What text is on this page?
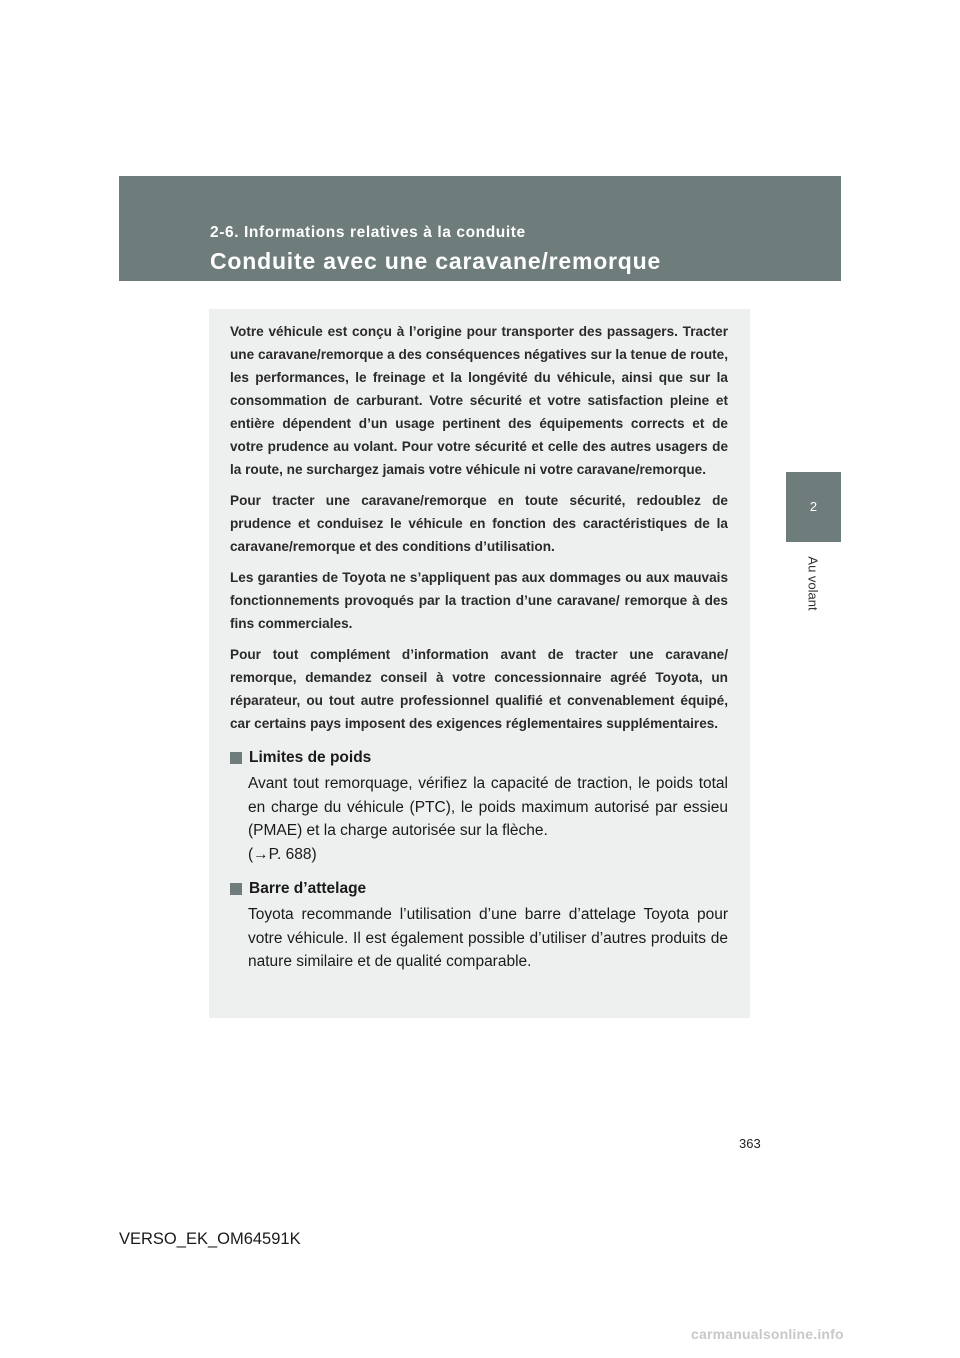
2-6. Informations relatives à la conduite
Conduite avec une caravane/remorque
2
Au volant

Votre véhicule est conçu à l’origine pour transporter des passagers. Tracter une caravane/remorque a des conséquences négatives sur la tenue de route, les performances, le freinage et la longévité du véhicule, ainsi que sur la consommation de carburant. Votre sécurité et votre satisfaction pleine et entière dépendent d’un usage pertinent des équipements corrects et de votre prudence au volant. Pour votre sécurité et celle des autres usagers de la route, ne surchargez jamais votre véhicule ni votre caravane/remorque.

Pour tracter une caravane/remorque en toute sécurité, redoublez de prudence et conduisez le véhicule en fonction des caractéristiques de la caravane/remorque et des conditions d’utilisation.

Les garanties de Toyota ne s’appliquent pas aux dommages ou aux mauvais fonctionnements provoqués par la traction d’une caravane/ remorque à des fins commerciales.

Pour tout complément d’information avant de tracter une caravane/ remorque, demandez conseil à votre concessionnaire agréé Toyota, un réparateur, ou tout autre professionnel qualifié et convenablement équipé, car certains pays imposent des exigences réglementaires supplémentaires.

Limites de poids
Avant tout remorquage, vérifiez la capacité de traction, le poids total en charge du véhicule (PTC), le poids maximum autorisé par essieu (PMAE) et la charge autorisée sur la flèche.
(→P. 688)
Barre d’attelage
Toyota recommande l’utilisation d’une barre d’attelage Toyota pour votre véhicule. Il est également possible d’utiliser d’autres produits de nature similaire et de qualité comparable.
363
VERSO_EK_OM64591K
carmanualsonline.info
